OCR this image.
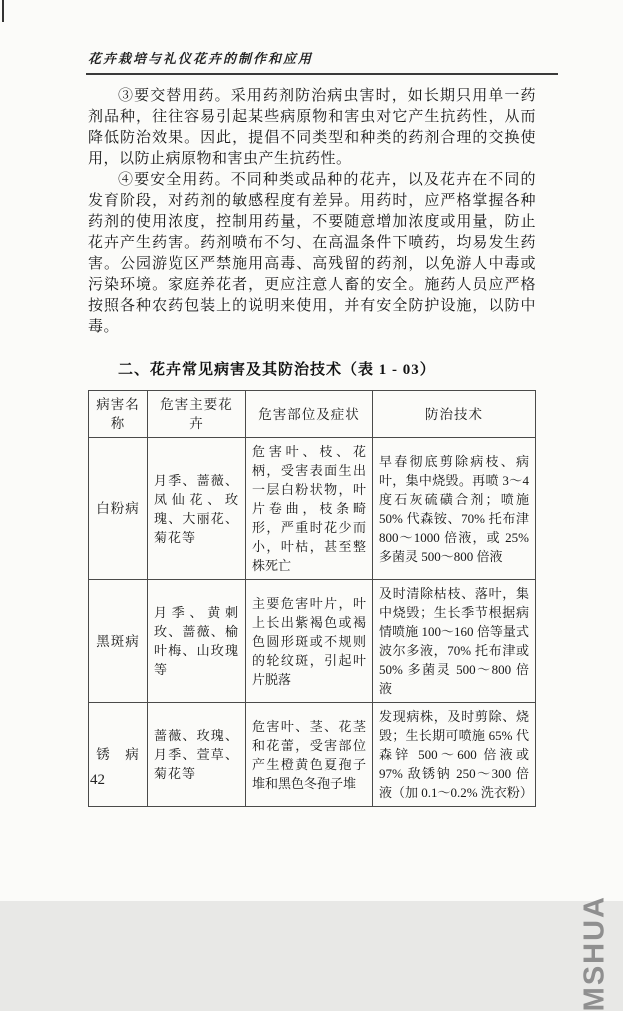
花卉栽培与礼仪花卉的制作和应用

③要交替用药。采用药剂防治病虫害时，如长期只用单一药剂品种，往往容易引起某些病原物和害虫对它产生抗药性，从而降低防治效果。因此，提倡不同类型和种类的药剂合理的交换使用，以防止病原物和害虫产生抗药性。

④要安全用药。不同种类或品种的花卉，以及花卉在不同的发育阶段，对药剂的敏感程度有差异。用药时，应严格掌握各种药剂的使用浓度，控制用药量，不要随意增加浓度或用量，防止花卉产生药害。药剂喷布不匀、在高温条件下喷药，均易发生药害。公园游览区严禁施用高毒、高残留的药剂，以免游人中毒或污染环境。家庭养花者，更应注意人畜的安全。施药人员应严格按照各种农药包装上的说明来使用，并有安全防护设施，以防中毒。

二、花卉常见病害及其防治技术（表 1 - 03）
病害名称	危害主要花卉	危害部位及症状	防治技术
白粉病	月季、蔷薇、凤仙花、玫瑰、大丽花、菊花等	危害叶、枝、花柄，受害表面生出一层白粉状物，叶片卷曲，枝条畸形，严重时花少而小，叶枯，甚至整株死亡	早春彻底剪除病枝、病叶，集中烧毁。再喷 3～4 度石灰硫磺合剂；喷施 50% 代森铵、70% 托布津 800～1000 倍液，或 25% 多菌灵 500～800 倍液
黑斑病	月季、黄刺玫、蔷薇、榆叶梅、山玫瑰等	主要危害叶片，叶上长出紫褐色或褐色圆形斑或不规则的轮纹斑，引起叶片脱落	及时清除枯枝、落叶，集中烧毁；生长季节根据病情喷施 100～160 倍等量式波尔多液，70% 托布津或 50% 多菌灵 500～800 倍液
锈　病	蔷薇、玫瑰、月季、萱草、菊花等	危害叶、茎、花茎和花蕾，受害部位产生橙黄色夏孢子堆和黑色冬孢子堆	发现病株，及时剪除、烧毁；生长期可喷施 65% 代森锌 500～600 倍液或 97% 敌锈钠 250～300 倍液（加 0.1～0.2% 洗衣粉）
42
MSHUA
